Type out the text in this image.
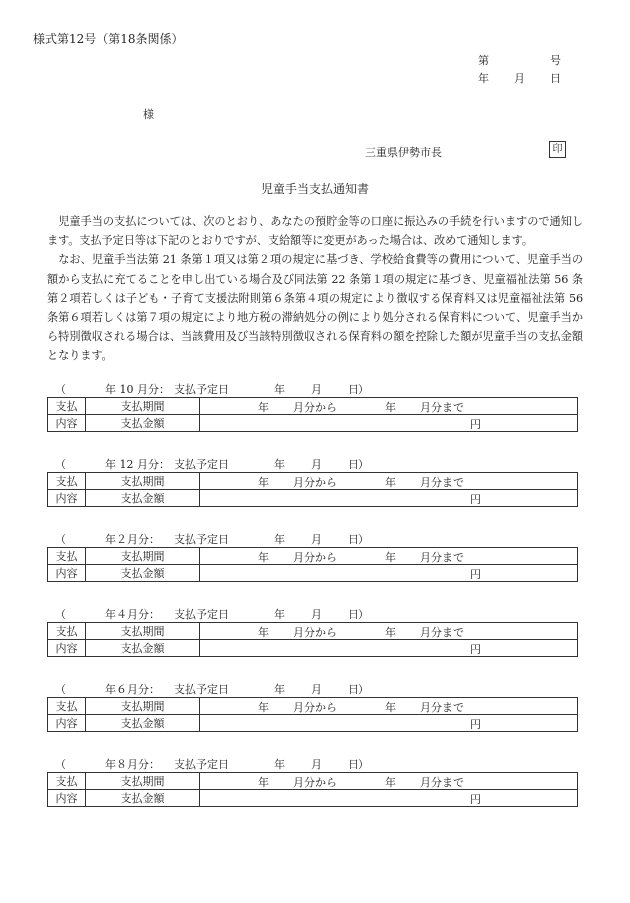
様式第12号（第18条関係）
第	号
年 月 日
様
三重県伊勢市長	印
児童手当支払通知書

児童手当の支払については、次のとおり、あなたの預貯金等の口座に振込みの手続を行いますので通知します。支払予定日等は下記のとおりですが、支給額等に変更があった場合は、改めて通知します。

なお、児童手当法第 21 条第１項又は第２項の規定に基づき、学校給食費等の費用について、児童手当の額から支払に充てることを申し出ている場合及び同法第 22 条第１項の規定に基づき、児童福祉法第 56 条第２項若しくは子ども・子育て支援法附則第６条第４項の規定により徴収する保育料又は児童福祉法第 56 条第６項若しくは第７項の規定により地方税の滞納処分の例により処分される保育料について、児童手当から特別徴収される場合は、当該費用及び当該特別徴収される保育料の額を控除した額が児童手当の支払金額となります。

（	年 10 月分： 支払予定日	年 月 日 ）
支払	支払期間	年 月分から 年 月分まで

内容	支払金額	円
（	年 12 月分： 支払予定日	年 月 日 ）
支払	支払期間	年 月分から 年 月分まで

内容	支払金額	円
（	年２月分： 支払予定日	年 月 日 ）
支払	支払期間	年 月分から 年 月分まで

内容	支払金額	円
（	年４月分： 支払予定日	年 月 日 ）
支払	支払期間	年 月分から 年 月分まで

内容	支払金額	円
（	年６月分： 支払予定日	年 月 日 ）
支払	支払期間	年 月分から 年 月分まで

内容	支払金額	円
（	年８月分： 支払予定日	年 月 日 ）
支払	支払期間	年 月分から 年 月分まで

内容	支払金額	円
